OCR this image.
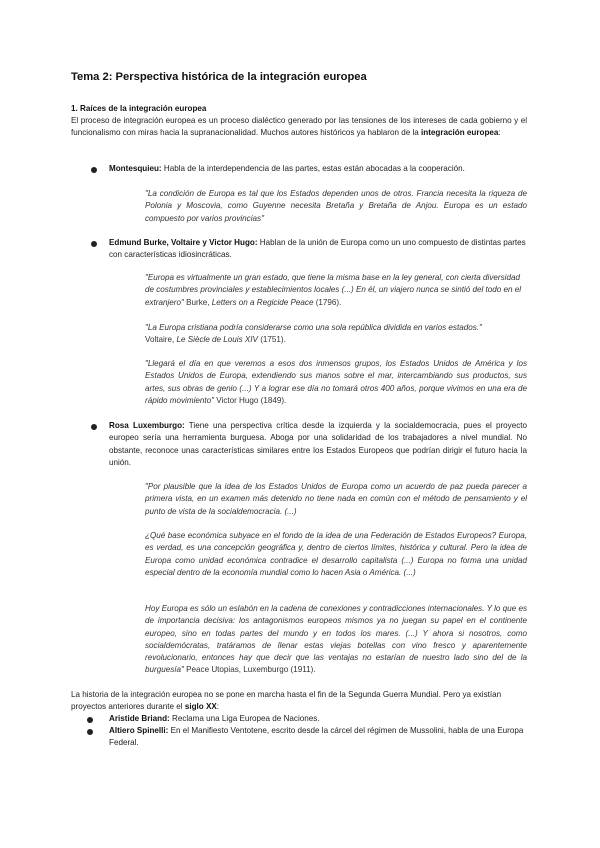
Tema 2: Perspectiva histórica de la integración europea
1. Raíces de la integración europea
El proceso de integración europea es un proceso dialéctico generado por las tensiones de los intereses de cada gobierno y el funcionalismo con miras hacia la supranacionalidad. Muchos autores históricos ya hablaron de la integración europea:
Montesquieu: Habla de la interdependencia de las partes, estas están abocadas a la cooperación.
"La condición de Europa es tal que los Estados dependen unos de otros. Francia necesita la riqueza de Polonia y Moscovia, como Guyenne necesita Bretaña y Bretaña de Anjou. Europa es un estado compuesto por varios provincias"
Edmund Burke, Voltaire y Victor Hugo: Hablan de la unión de Europa como un uno compuesto de distintas partes con características idiosincráticas.
"Europa es virtualmente un gran estado, que tiene la misma base en la ley general, con cierta diversidad de costumbres provinciales y establecimientos locales (...) En él, un viajero nunca se sintió del todo en el extranjero" Burke, Letters on a Regicide Peace (1796).
"La Europa cristiana podría considerarse como una sola república dividida en varios estados."
Voltaire, Le Siècle de Louis XIV (1751).
"Llegará el día en que veremos a esos dos inmensos grupos, los Estados Unidos de América y los Estados Unidos de Europa, extendiendo sus manos sobre el mar, intercambiando sus productos, sus artes, sus obras de genio (...) Y a lograr ese día no tomará otros 400 años, porque vivimos en una era de rápido movimiento" Victor Hugo (1849).
Rosa Luxemburgo: Tiene una perspectiva crítica desde la izquierda y la socialdemocracia, pues el proyecto europeo sería una herramienta burguesa. Aboga por una solidaridad de los trabajadores a nivel mundial. No obstante, reconoce unas características similares entre los Estados Europeos que podrían dirigir el futuro hacia la unión.
"Por plausible que la idea de los Estados Unidos de Europa como un acuerdo de paz pueda parecer a primera vista, en un examen más detenido no tiene nada en común con el método de pensamiento y el punto de vista de la socialdemocracia. (...)
¿Qué base económica subyace en el fondo de la idea de una Federación de Estados Europeos? Europa, es verdad, es una concepción geográfica y, dentro de ciertos límites, histórica y cultural. Pero la idea de Europa como unidad económica contradice el desarrollo capitalista (...) Europa no forma una unidad especial dentro de la economía mundial como lo hacen Asia o América. (...)
Hoy Europa es sólo un eslabón en la cadena de conexiones y contradicciones internacionales. Y lo que es de importancia decisiva: los antagonismos europeos mismos ya no juegan su papel en el continente europeo, sino en todas partes del mundo y en todos los mares. (...) Y ahora si nosotros, como socialdemócratas, tratáramos de llenar estas viejas botellas con vino fresco y aparentemente revolucionario, entonces hay que decir que las ventajas no estarían de nuestro lado sino del de la burguesía" Peace Utopias, Luxemburgo (1911).
La historia de la integración europea no se pone en marcha hasta el fin de la Segunda Guerra Mundial. Pero ya existían proyectos anteriores durante el siglo XX:
Aristide Briand: Reclama una Liga Europea de Naciones.
Altiero Spinelli: En el Manifiesto Ventotene, escrito desde la cárcel del régimen de Mussolini, habla de una Europa Federal.
